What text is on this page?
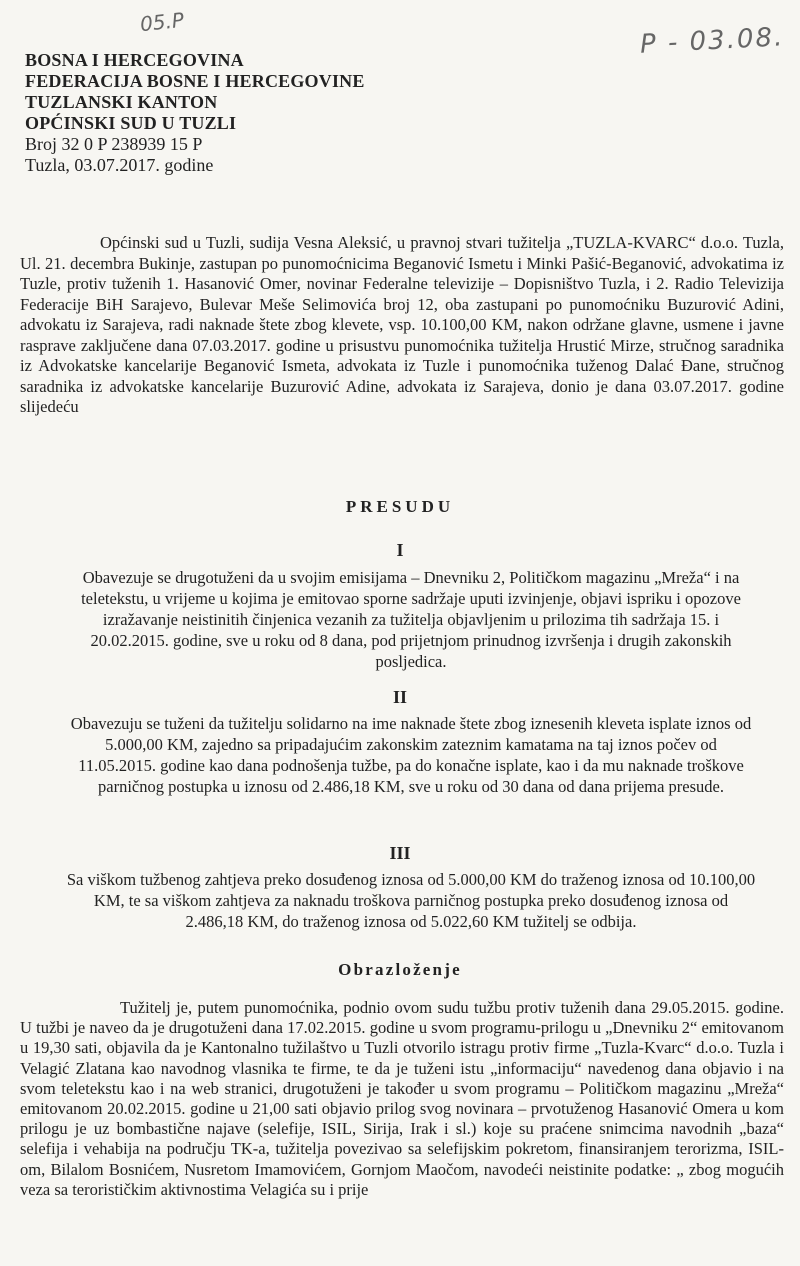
05.P
P - 03.08.
BOSNA I HERCEGOVINA
FEDERACIJA BOSNE I HERCEGOVINE
TUZLANSKI KANTON
OPĆINSKI SUD U TUZLI
Broj 32 0 P 238939 15 P
Tuzla, 03.07.2017. godine

Općinski sud u Tuzli, sudija Vesna Aleksić, u pravnoj stvari tužitelja „TUZLA-KVARC“ d.o.o. Tuzla, Ul. 21. decembra Bukinje, zastupan po punomoćnicima Beganović Ismetu i Minki Pašić-Beganović, advokatima iz Tuzle, protiv tuženih 1. Hasanović Omer, novinar Federalne televizije – Dopisništvo Tuzla, i 2. Radio Televizija Federacije BiH Sarajevo, Bulevar Meše Selimovića broj 12, oba zastupani po punomoćniku Buzurović Adini, advokatu iz Sarajeva, radi naknade štete zbog klevete, vsp. 10.100,00 KM, nakon održane glavne, usmene i javne rasprave zaključene dana 07.03.2017. godine u prisustvu punomoćnika tužitelja Hrustić Mirze, stručnog saradnika iz Advokatske kancelarije Beganović Ismeta, advokata iz Tuzle i punomoćnika tuženog Dalać Đane, stručnog saradnika iz advokatske kancelarije Buzurović Adine, advokata iz Sarajeva, donio je dana 03.07.2017. godine slijedeću

PRESUDU
I

Obavezuje se drugotuženi da u svojim emisijama – Dnevniku 2, Političkom magazinu „Mreža“ i na teletekstu, u vrijeme u kojima je emitovao sporne sadržaje uputi izvinjenje, objavi ispriku i opozove izražavanje neistinitih činjenica vezanih za tužitelja objavljenim u prilozima tih sadržaja 15. i 20.02.2015. godine, sve u roku od 8 dana, pod prijetnjom prinudnog izvršenja i drugih zakonskih posljedica.

II

Obavezuju se tuženi da tužitelju solidarno na ime naknade štete zbog iznesenih kleveta isplate iznos od 5.000,00 KM, zajedno sa pripadajućim zakonskim zateznim kamatama na taj iznos počev od 11.05.2015. godine kao dana podnošenja tužbe, pa do konačne isplate, kao i da mu naknade troškove parničnog postupka u iznosu od 2.486,18 KM, sve u roku od 30 dana od dana prijema presude.

III

Sa viškom tužbenog zahtjeva preko dosuđenog iznosa od 5.000,00 KM do traženog iznosa od 10.100,00 KM, te sa viškom zahtjeva za naknadu troškova parničnog postupka preko dosuđenog iznosa od 2.486,18 KM, do traženog iznosa od 5.022,60 KM tužitelj se odbija.

Obrazloženje

Tužitelj je, putem punomoćnika, podnio ovom sudu tužbu protiv tuženih dana 29.05.2015. godine. U tužbi je naveo da je drugotuženi dana 17.02.2015. godine u svom programu-prilogu u „Dnevniku 2“ emitovanom u 19,30 sati, objavila da je Kantonalno tužilaštvo u Tuzli otvorilo istragu protiv firme „Tuzla-Kvarc“ d.o.o. Tuzla i Velagić Zlatana kao navodnog vlasnika te firme, te da je tuženi istu „informaciju“ navedenog dana objavio i na svom teletekstu kao i na web stranici, drugotuženi je također u svom programu – Političkom magazinu „Mreža“ emitovanom 20.02.2015. godine u 21,00 sati objavio prilog svog novinara – prvotuženog Hasanović Omera u kom prilogu je uz bombastične najave (selefije, ISIL, Sirija, Irak i sl.) koje su praćene snimcima navodnih „baza“ selefija i vehabija na području TK-a, tužitelja povezivao sa selefijskim pokretom, finansiranjem terorizma, ISIL-om, Bilalom Bosnićem, Nusretom Imamovićem, Gornjom Maočom, navodeći neistinite podatke: „ zbog mogućih veza sa terorističkim aktivnostima Velagića su i prije
